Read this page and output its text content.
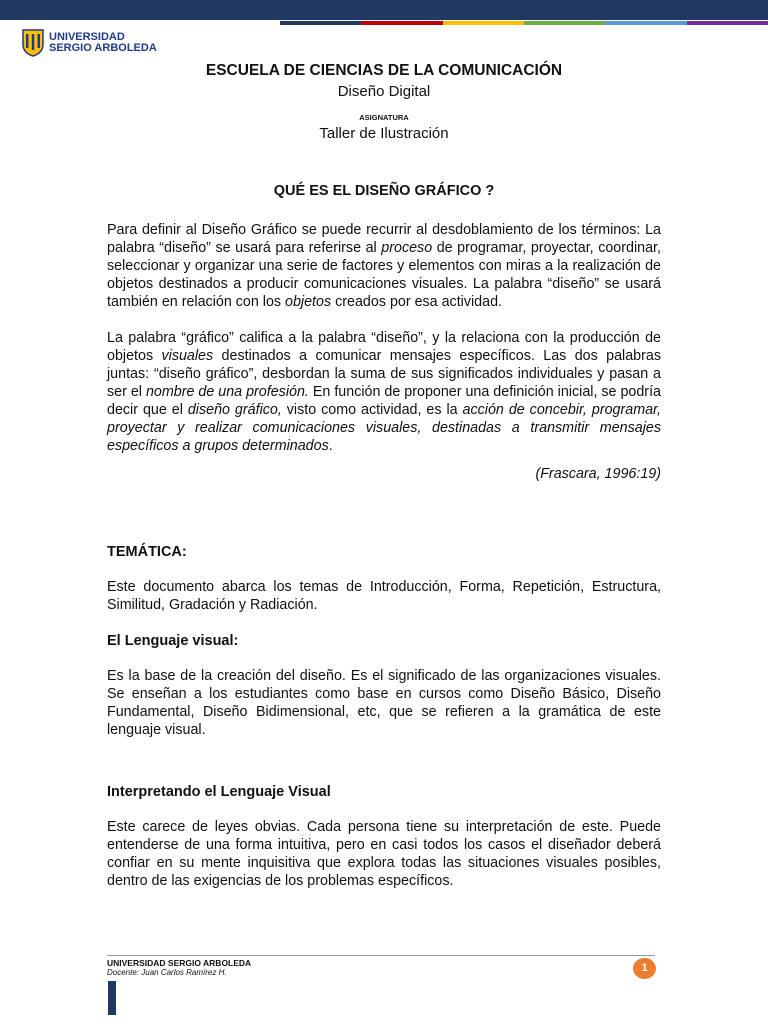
UNIVERSIDAD
SERGIO ARBOLEDA
ESCUELA DE CIENCIAS DE LA COMUNICACIÓN
Diseño Digital
ASIGNATURA
Taller de Ilustración
QUÉ ES EL DISEÑO GRÁFICO ?

Para definir al Diseño Gráfico se puede recurrir al desdoblamiento de los términos: La palabra “diseño” se usará para referirse al proceso de programar, proyectar, coordinar, seleccionar y organizar una serie de factores y elementos con miras a la realización de objetos destinados a producir comunicaciones visuales. La palabra “diseño” se usará también en relación con los objetos creados por esa actividad.

La palabra “gráfico” califica a la palabra “diseño”, y la relaciona con la producción de objetos visuales destinados a comunicar mensajes específicos. Las dos palabras juntas: “diseño gráfico”, desbordan la suma de sus significados individuales y pasan a ser el nombre de una profesión. En función de proponer una definición inicial, se podría decir que el diseño gráfico, visto como actividad, es la acción de concebir, programar, proyectar y realizar comunicaciones visuales, destinadas a transmitir mensajes específicos a grupos determinados.

(Frascara, 1996:19)

TEMÁTICA:

Este documento abarca los temas de Introducción, Forma, Repetición, Estructura, Similitud, Gradación y Radiación.

El Lenguaje visual:

Es la base de la creación del diseño. Es el significado de las organizaciones visuales. Se enseñan a los estudiantes como base en cursos como Diseño Básico, Diseño Fundamental, Diseño Bidimensional, etc, que se refieren a la gramática de este lenguaje visual.

Interpretando el Lenguaje Visual

Este carece de leyes obvias. Cada persona tiene su interpretación de este. Puede entenderse de una forma intuitiva, pero en casi todos los casos el diseñador deberá confiar en su mente inquisitiva que explora todas las situaciones visuales posibles, dentro de las exigencias de los problemas específicos.

UNIVERSIDAD SERGIO ARBOLEDA
Docente: Juan Carlos Ramírez H.	1
